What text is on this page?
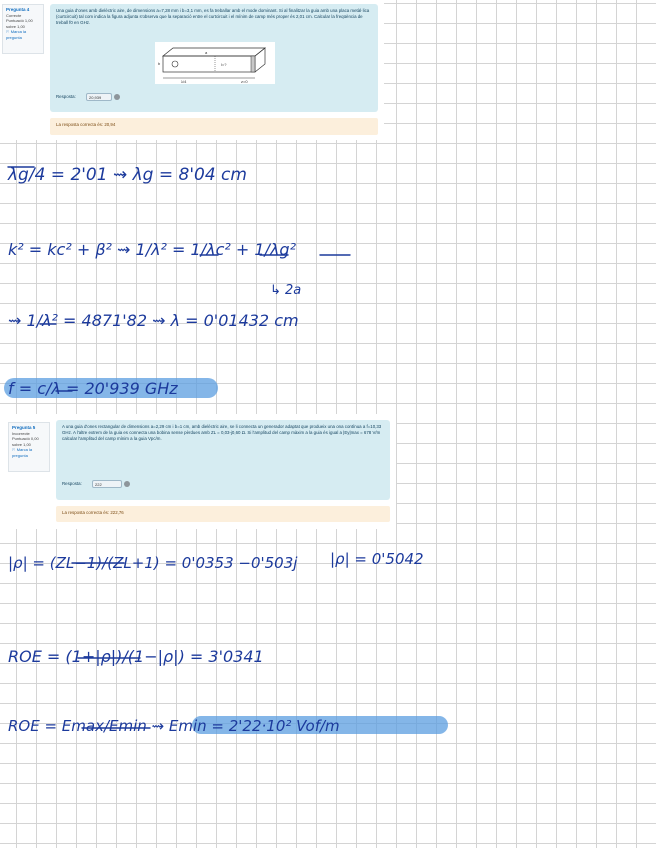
Pregunta 4
Correcte
Puntuació 1,00 sobre 1,00
⚐ Marca la pregunta
Una guia d'ones amb dielèctric aire, de dimensions a=7,28 mm i b=3,1 mm, es fa treballar amb el mode dominant. Si al finalitzar la guia amb una placa metàl·lica (curtcircuit) tal com indica la figura adjunta s'observa que la separació entre el curtcircuit i el mínim de camp més proper és 2,01 cm. Calcular la freqüència de treball f0 en GHz.
b
a
λ/4
l=?
z=0
Resposta:
20,939
La resposta correcta és: 20,94
Pregunta 5
Incorrecte
Puntuació 0,00 sobre 1,00
⚐ Marca la pregunta
A una guia d'ones rectangular de dimensions a=2,29 cm i b=1 cm, amb dielèctric aire, se li connecta un generador adaptat que produeix una ona contínua a f=10,33 GHz. A l'altre extrem de la guia es connecta una bobina sense pèrdues amb ZL = 0,03-j0,60 Ω. Si l'amplitud del camp màxim a la guia és igual a |Ey|max = 678 V/m calcular l'amplitud del camp mínim a la guia Vpc/m.
Resposta:
222
La resposta correcta és: 222,76
λg/4 = 2'01 ⇝ λg = 8'04 cm
k² = kc² + β² ⇝ 1/λ² = 1/λc² + 1/λg²
↳ 2a
⇝ 1/λ² = 4871'82 ⇝ λ = 0'01432 cm
f = c/λ = 20'939 GHz
|ρ| = (ZL−1)/(ZL+1) = 0'0353 −0'503j |ρ| = 0'5042
ROE = (1+|ρ|)/(1−|ρ|) = 3'0341
ROE = Emax/Emin ⇝ Emin = 2'22·10² Vof/m
